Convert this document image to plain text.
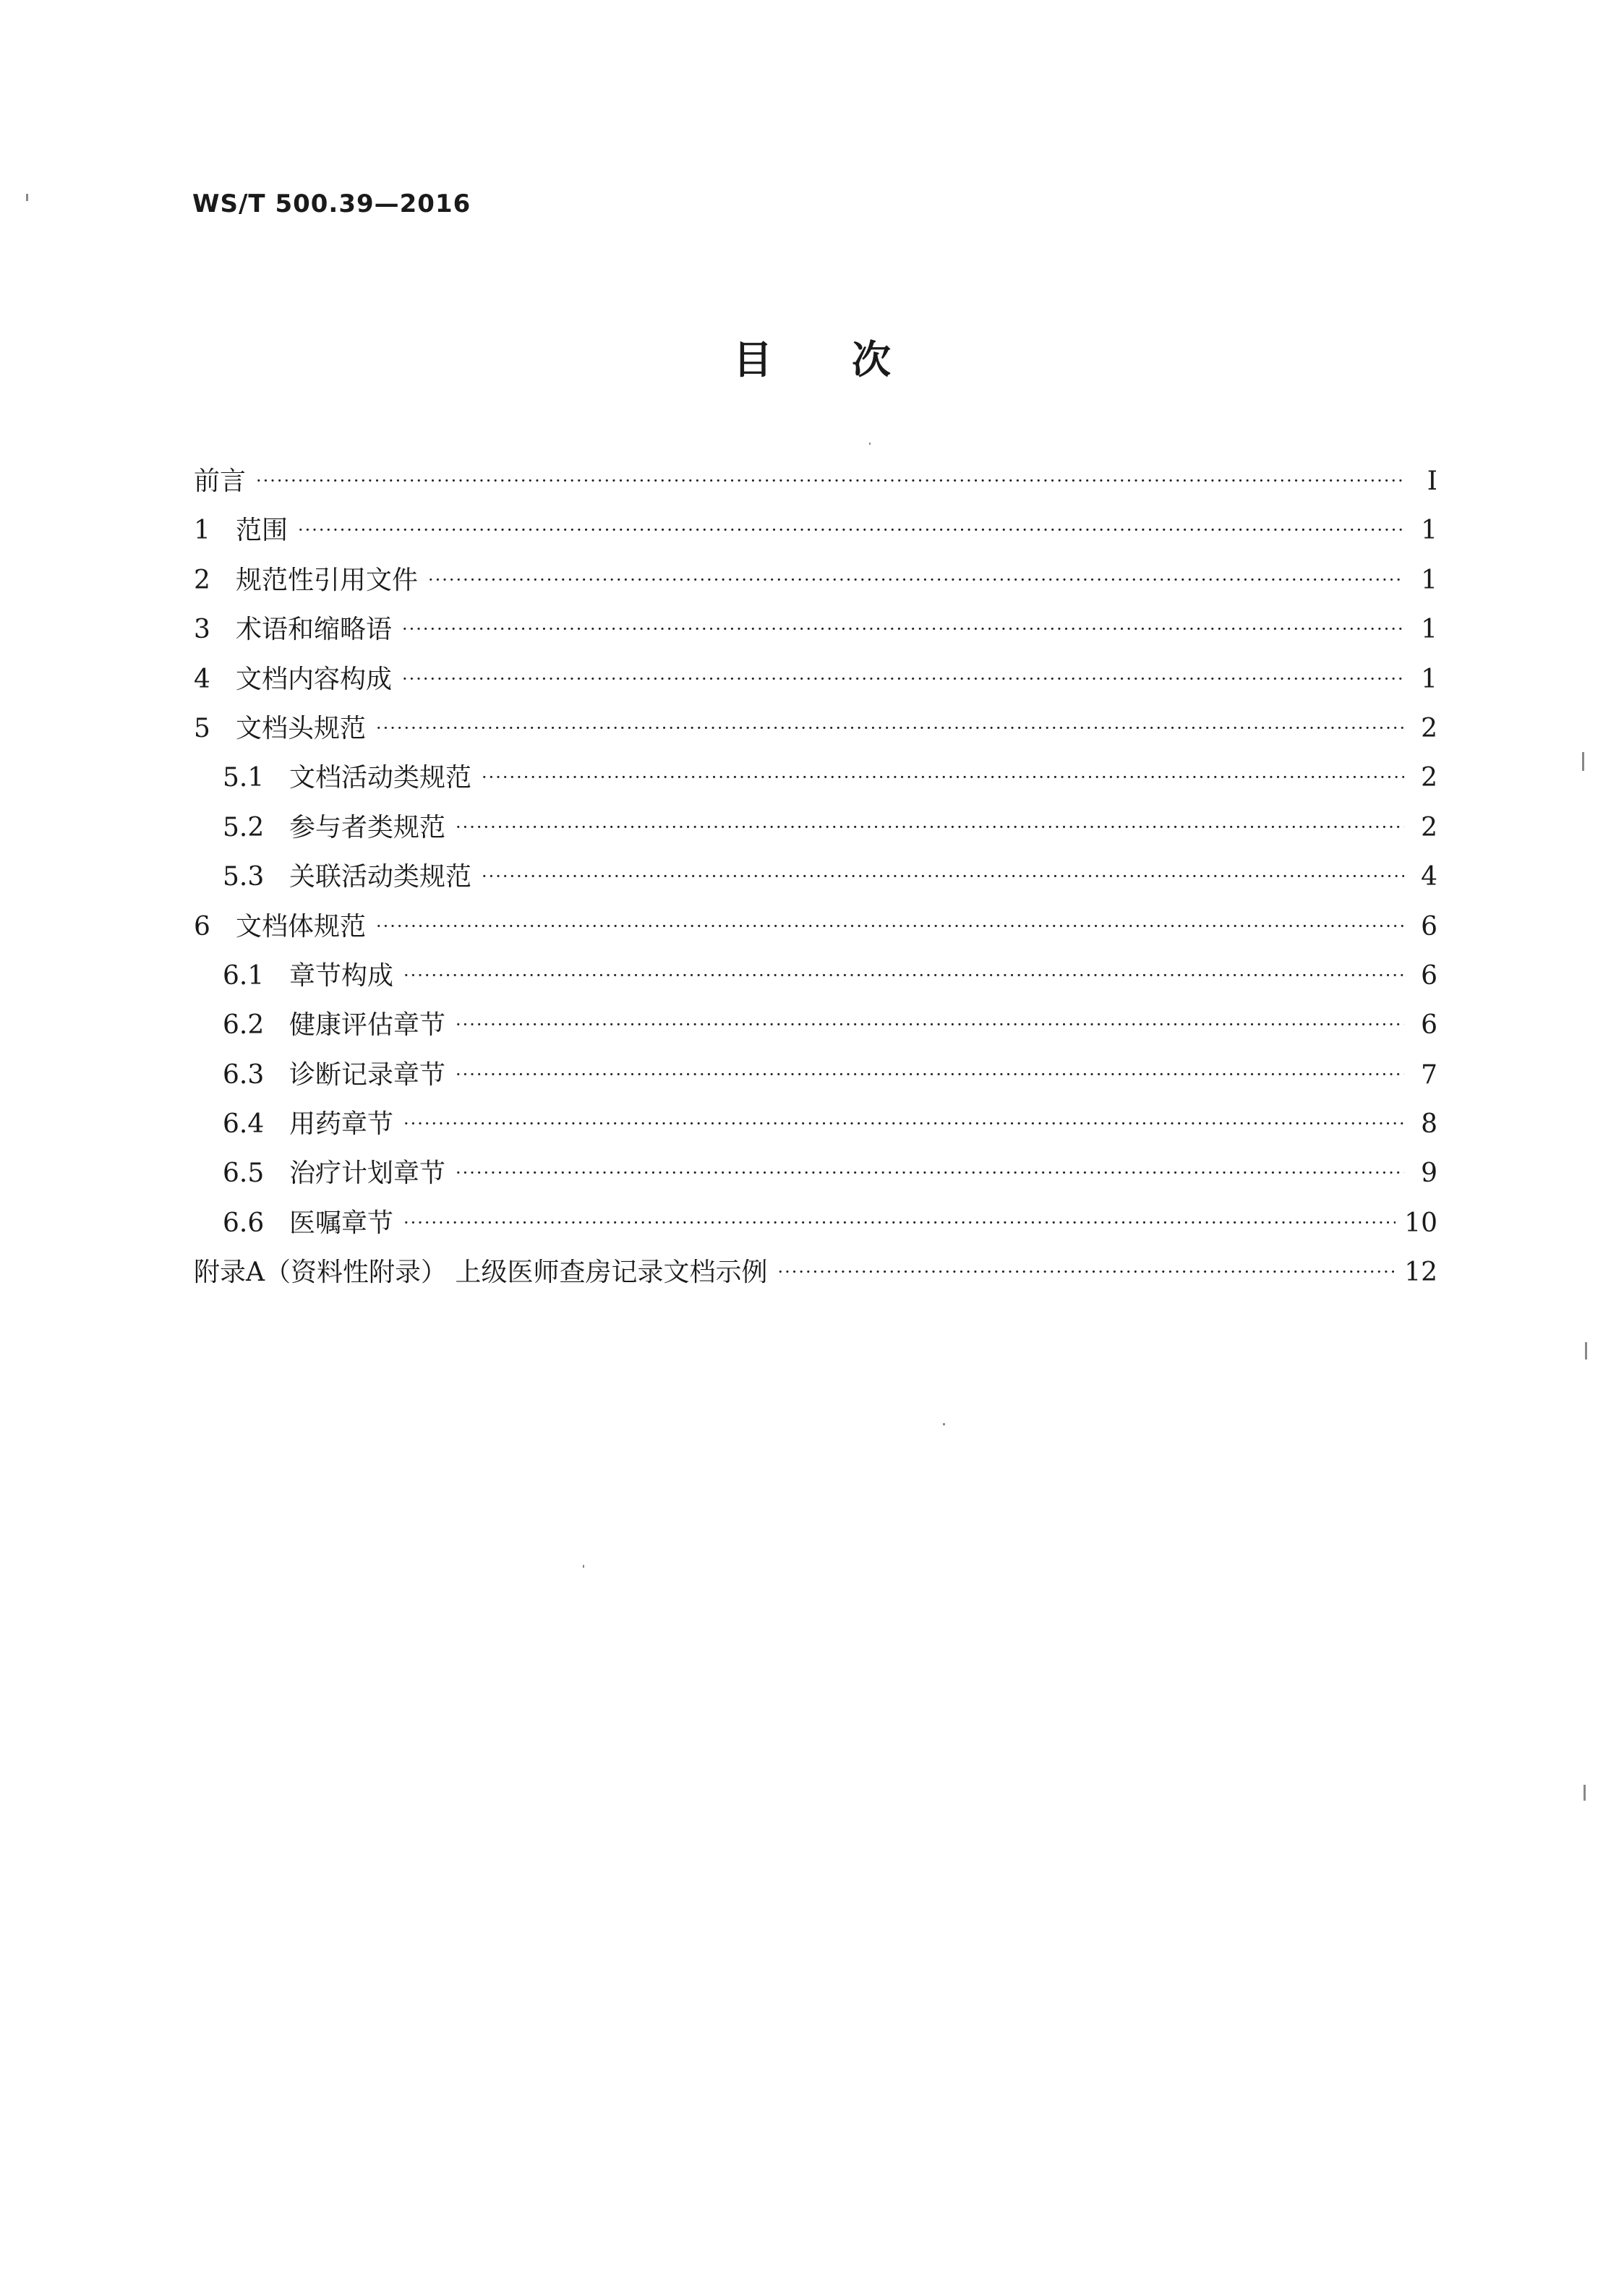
WS/T 500.39—2016
目次
前言 ·····	Ⅰ
1 范围 ·····	1
2 规范性引用文件 ·····	1
3 术语和缩略语 ·····	1
4 文档内容构成 ·····	1
5 文档头规范 ·····	2
5.1 文档活动类规范 ·····	2
5.2 参与者类规范 ·····	2
5.3 关联活动类规范 ·····	4
6 文档体规范 ·····	6
6.1 章节构成 ·····	6
6.2 健康评估章节 ·····	6
6.3 诊断记录章节 ·····	7
6.4 用药章节 ·····	8
6.5 治疗计划章节 ·····	9
6.6 医嘱章节 ·····	10
附录A（资料性附录） 上级医师查房记录文档示例 ·····	12
